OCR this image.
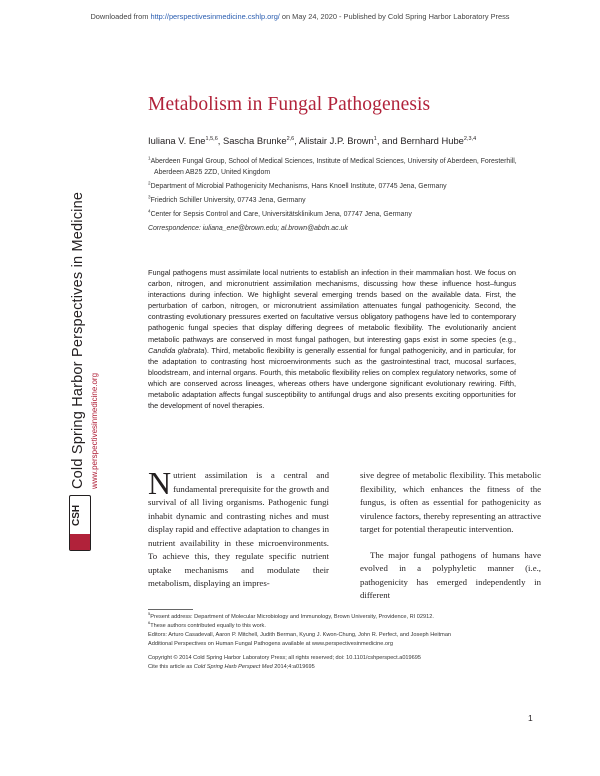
Downloaded from http://perspectivesinmedicine.cshlp.org/ on May 24, 2020 - Published by Cold Spring Harbor Laboratory Press
Cold Spring Harbor Perspectives in Medicine www.perspectivesinmedicine.org
CSH
Metabolism in Fungal Pathogenesis
Iuliana V. Ene$^{1,5,6}$, Sascha Brunke$^{2,6}$, Alistair J.P. Brown$^1$, and Bernhard Hube$^{2,3,4}$

$^1$Aberdeen Fungal Group, School of Medical Sciences, Institute of Medical Sciences, University of Aberdeen, Foresterhill, Aberdeen AB25 2ZD, United Kingdom

$^2$Department of Microbial Pathogenicity Mechanisms, Hans Knoell Institute, 07745 Jena, Germany

$^3$Friedrich Schiller University, 07743 Jena, Germany

$^4$Center for Sepsis Control and Care, Universitätsklinikum Jena, 07747 Jena, Germany

Correspondence: iuliana_ene@brown.edu; al.brown@abdn.ac.uk

Fungal pathogens must assimilate local nutrients to establish an infection in their mammalian host. We focus on carbon, nitrogen, and micronutrient assimilation mechanisms, discussing how these influence host–fungus interactions during infection. We highlight several emerging trends based on the available data. First, the perturbation of carbon, nitrogen, or micronutrient assimilation attenuates fungal pathogenicity. Second, the contrasting evolutionary pressures exerted on facultative versus obligatory pathogens have led to contemporary pathogenic fungal species that display differing degrees of metabolic flexibility. The evolutionarily ancient metabolic pathways are conserved in most fungal pathogen, but interesting gaps exist in some species (e.g., Candida glabrata). Third, metabolic flexibility is generally essential for fungal pathogenicity, and in particular, for the adaptation to contrasting host microenvironments such as the gastrointestinal tract, mucosal surfaces, bloodstream, and internal organs. Fourth, this metabolic flexibility relies on complex regulatory networks, some of which are conserved across lineages, whereas others have undergone significant evolutionary rewiring. Fifth, metabolic adaptation affects fungal susceptibility to antifungal drugs and also presents exciting opportunities for the development of novel therapies.

Nutrient assimilation is a central and fundamental prerequisite for the growth and survival of all living organisms. Pathogenic fungi inhabit dynamic and contrasting niches and must display rapid and effective adaptation to changes in nutrient availability in these microenvironments. To achieve this, they regulate specific nutrient uptake mechanisms and modulate their metabolism, displaying an impres-

sive degree of metabolic flexibility. This metabolic flexibility, which enhances the fitness of the fungus, is often as essential for pathogenicity as virulence factors, thereby representing an attractive target for potential therapeutic intervention.

The major fungal pathogens of humans have evolved in a polyphyletic manner (i.e., pathogenicity has emerged independently in different

$^5$Present address: Department of Molecular Microbiology and Immunology, Brown University, Providence, RI 02912.

$^6$These authors contributed equally to this work.

Editors: Arturo Casadevall, Aaron P. Mitchell, Judith Berman, Kyung J. Kwon-Chung, John R. Perfect, and Joseph Heitman

Additional Perspectives on Human Fungal Pathogens available at www.perspectivesinmedicine.org

Copyright © 2014 Cold Spring Harbor Laboratory Press; all rights reserved; doi: 10.1101/cshperspect.a019695

Cite this article as Cold Spring Harb Perspect Med 2014;4:a019695

1
